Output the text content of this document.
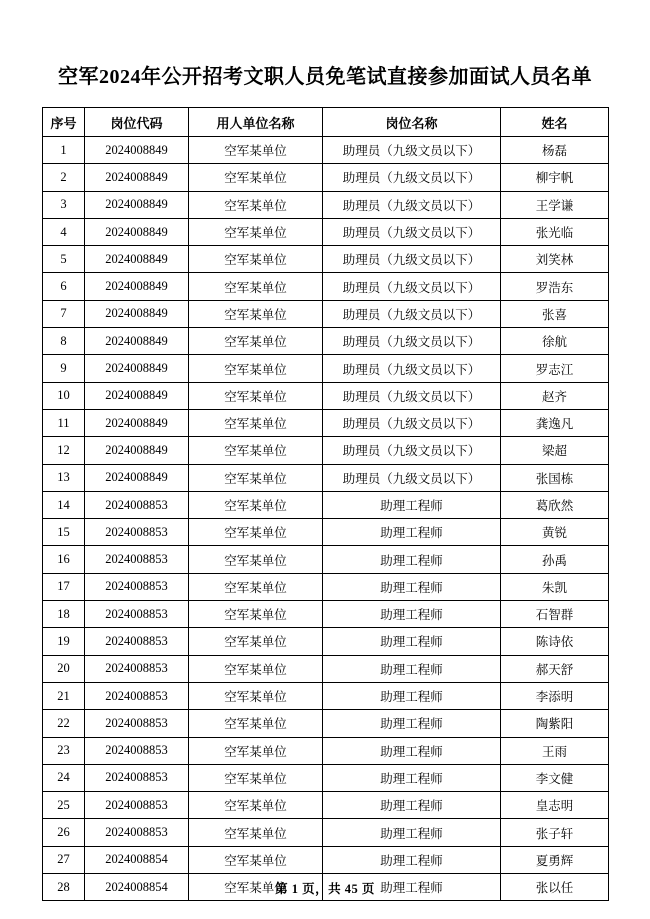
空军2024年公开招考文职人员免笔试直接参加面试人员名单
序号	岗位代码	用人单位名称	岗位名称	姓名
1	2024008849	空军某单位	助理员（九级文员以下）	杨磊
2	2024008849	空军某单位	助理员（九级文员以下）	柳宇帆
3	2024008849	空军某单位	助理员（九级文员以下）	王学谦
4	2024008849	空军某单位	助理员（九级文员以下）	张光临
5	2024008849	空军某单位	助理员（九级文员以下）	刘笑林
6	2024008849	空军某单位	助理员（九级文员以下）	罗浩东
7	2024008849	空军某单位	助理员（九级文员以下）	张喜
8	2024008849	空军某单位	助理员（九级文员以下）	徐航
9	2024008849	空军某单位	助理员（九级文员以下）	罗志江
10	2024008849	空军某单位	助理员（九级文员以下）	赵齐
11	2024008849	空军某单位	助理员（九级文员以下）	龚逸凡
12	2024008849	空军某单位	助理员（九级文员以下）	梁超
13	2024008849	空军某单位	助理员（九级文员以下）	张国栋
14	2024008853	空军某单位	助理工程师	葛欣然
15	2024008853	空军某单位	助理工程师	黄锐
16	2024008853	空军某单位	助理工程师	孙禹
17	2024008853	空军某单位	助理工程师	朱凯
18	2024008853	空军某单位	助理工程师	石智群
19	2024008853	空军某单位	助理工程师	陈诗依
20	2024008853	空军某单位	助理工程师	郝天舒
21	2024008853	空军某单位	助理工程师	李添明
22	2024008853	空军某单位	助理工程师	陶紫阳
23	2024008853	空军某单位	助理工程师	王雨
24	2024008853	空军某单位	助理工程师	李文健
25	2024008853	空军某单位	助理工程师	皇志明
26	2024008853	空军某单位	助理工程师	张子轩
27	2024008854	空军某单位	助理工程师	夏勇辉
28	2024008854	空军某单位	助理工程师	张以任
第 1 页，共 45 页
